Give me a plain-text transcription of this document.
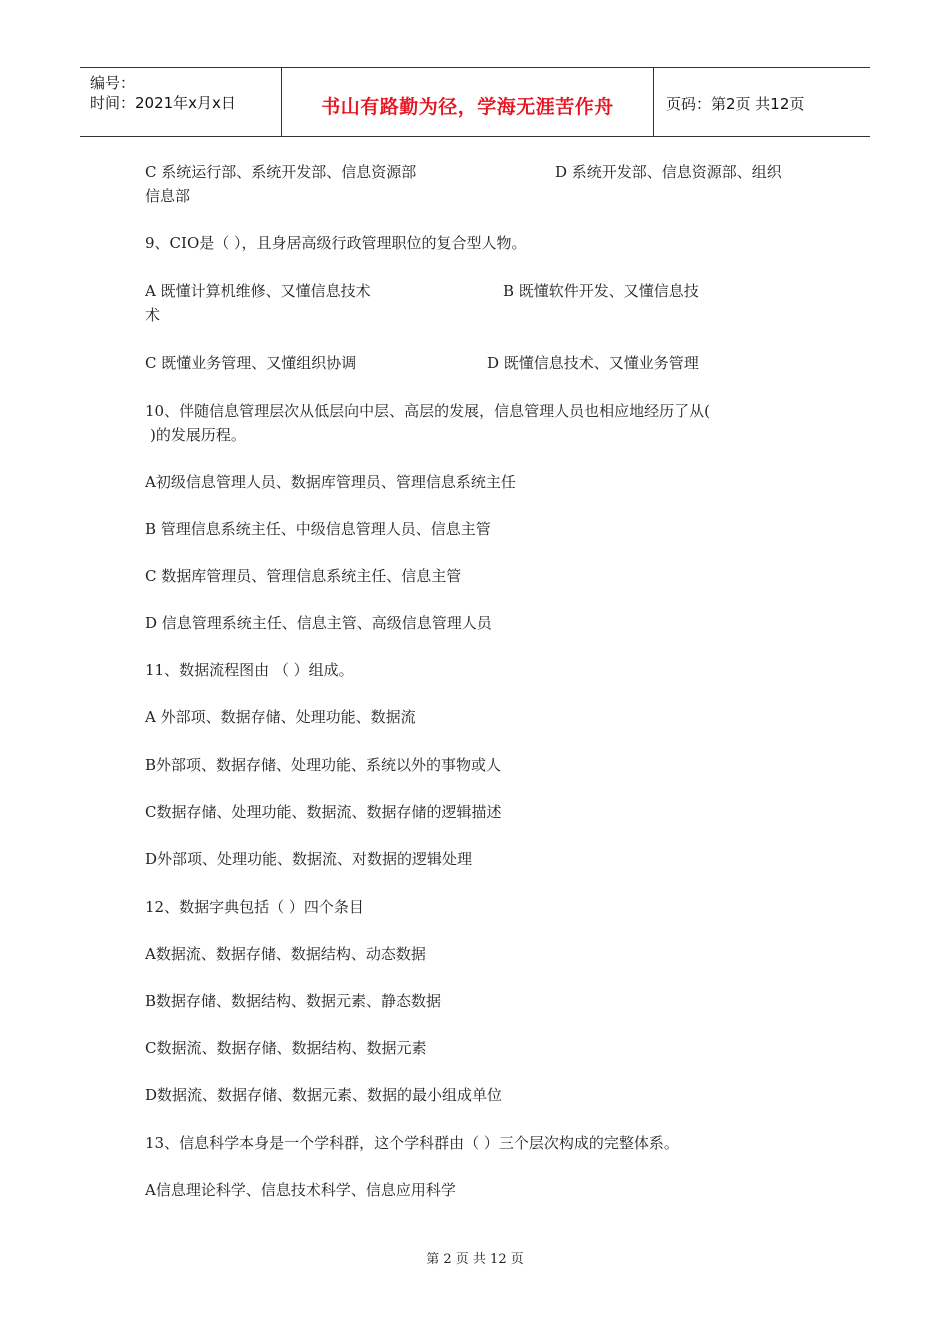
编号：
时间：2021年x月x日	书山有路勤为径，学海无涯苦作舟	页码：第2页 共12页
C 系统运行部、系统开发部、信息资源部	D 系统开发部、信息资源部、组织
信息部
9、CIO是（ ），且身居高级行政管理职位的复合型人物。
A 既懂计算机维修、又懂信息技术	B 既懂软件开发、又懂信息技
术
C 既懂业务管理、又懂组织协调	D 既懂信息技术、又懂业务管理
10、伴随信息管理层次从低层向中层、高层的发展，信息管理人员也相应地经历了从(
)的发展历程。
A初级信息管理人员、数据库管理员、管理信息系统主任
B 管理信息系统主任、中级信息管理人员、信息主管
C 数据库管理员、管理信息系统主任、信息主管
D 信息管理系统主任、信息主管、高级信息管理人员
11、数据流程图由 （ ）组成。
A 外部项、数据存储、处理功能、数据流
B外部项、数据存储、处理功能、系统以外的事物或人
C数据存储、处理功能、数据流、数据存储的逻辑描述
D外部项、处理功能、数据流、对数据的逻辑处理
12、数据字典包括（ ）四个条目
A数据流、数据存储、数据结构、动态数据
B数据存储、数据结构、数据元素、静态数据
C数据流、数据存储、数据结构、数据元素
D数据流、数据存储、数据元素、数据的最小组成单位
13、信息科学本身是一个学科群，这个学科群由（ ）三个层次构成的完整体系。
A信息理论科学、信息技术科学、信息应用科学
第 2 页 共 12 页
